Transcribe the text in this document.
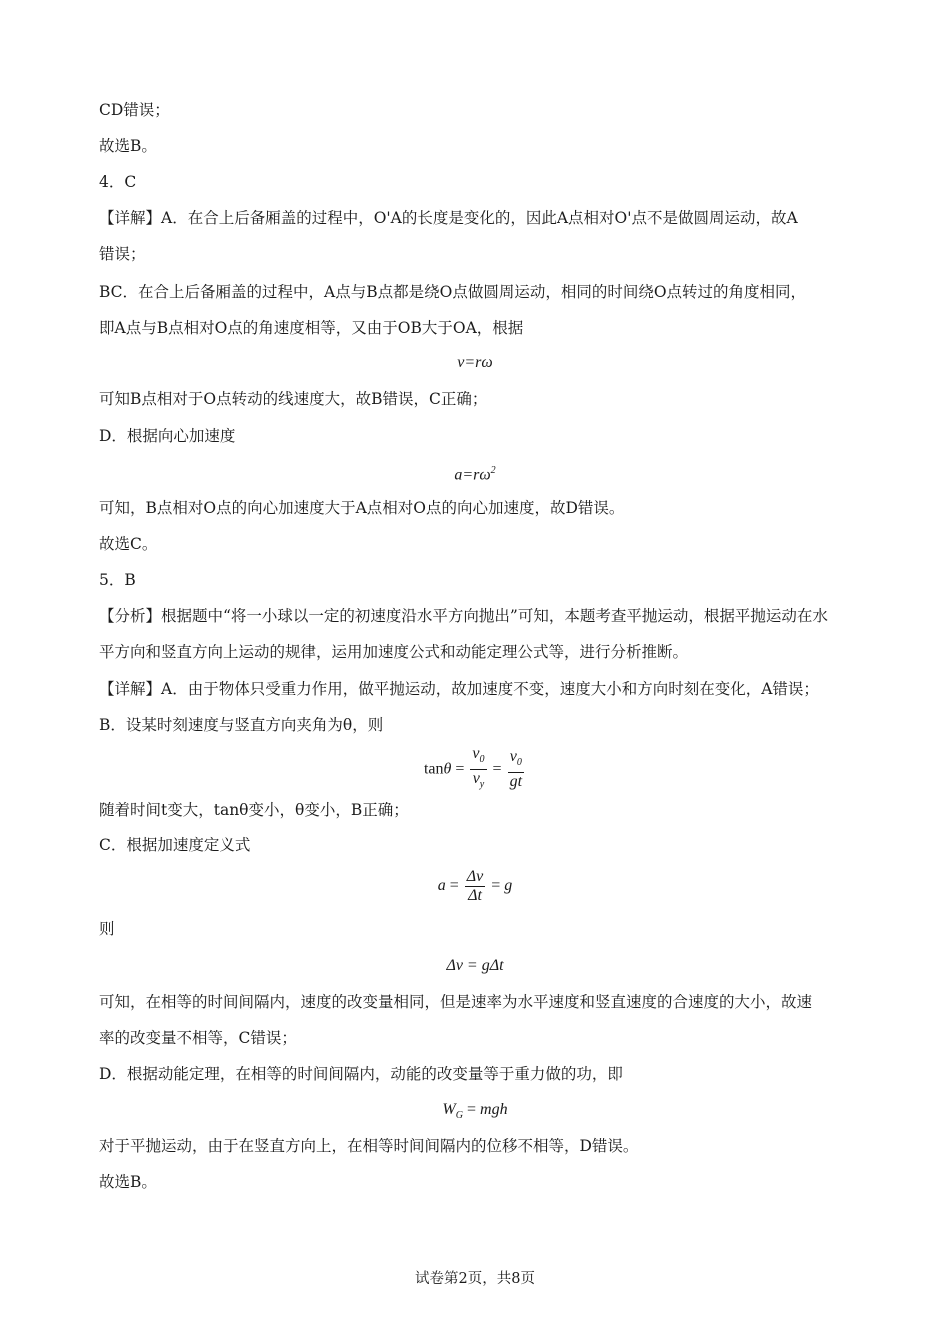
CD错误；
故选B。
4．C
【详解】A．在合上后备厢盖的过程中，O'A的长度是变化的，因此A点相对O'点不是做圆周运动，故A
错误；
BC．在合上后备厢盖的过程中，A点与B点都是绕O点做圆周运动，相同的时间绕O点转过的角度相同，
即A点与B点相对O点的角速度相等，又由于OB大于OA，根据
v=rω
可知B点相对于O点转动的线速度大，故B错误，C正确；
D．根据向心加速度
$a=r\omega^2$
可知，B点相对O点的向心加速度大于A点相对O点的向心加速度，故D错误。
故选C。
5．B
【分析】根据题中“将一小球以一定的初速度沿水平方向抛出”可知，本题考查平抛运动，根据平抛运动在水
平方向和竖直方向上运动的规律，运用加速度公式和动能定理公式等，进行分析推断。
【详解】A．由于物体只受重力作用，做平抛运动，故加速度不变，速度大小和方向时刻在变化，A错误；
B．设某时刻速度与竖直方向夹角为θ，则
$\tan\theta = \frac{v_0}{v_y} = \frac{v_0}{gt}$
随着时间t变大，tanθ变小，θ变小，B正确；
C．根据加速度定义式
$a = \frac{\Delta v}{\Delta t} = g$
则
Δv = gΔt
可知，在相等的时间间隔内，速度的改变量相同，但是速率为水平速度和竖直速度的合速度的大小，故速
率的改变量不相等，C错误；
D．根据动能定理，在相等的时间间隔内，动能的改变量等于重力做的功，即
$W_G$ = mgh
对于平抛运动，由于在竖直方向上，在相等时间间隔内的位移不相等，D错误。
故选B。
试卷第2页，共8页
